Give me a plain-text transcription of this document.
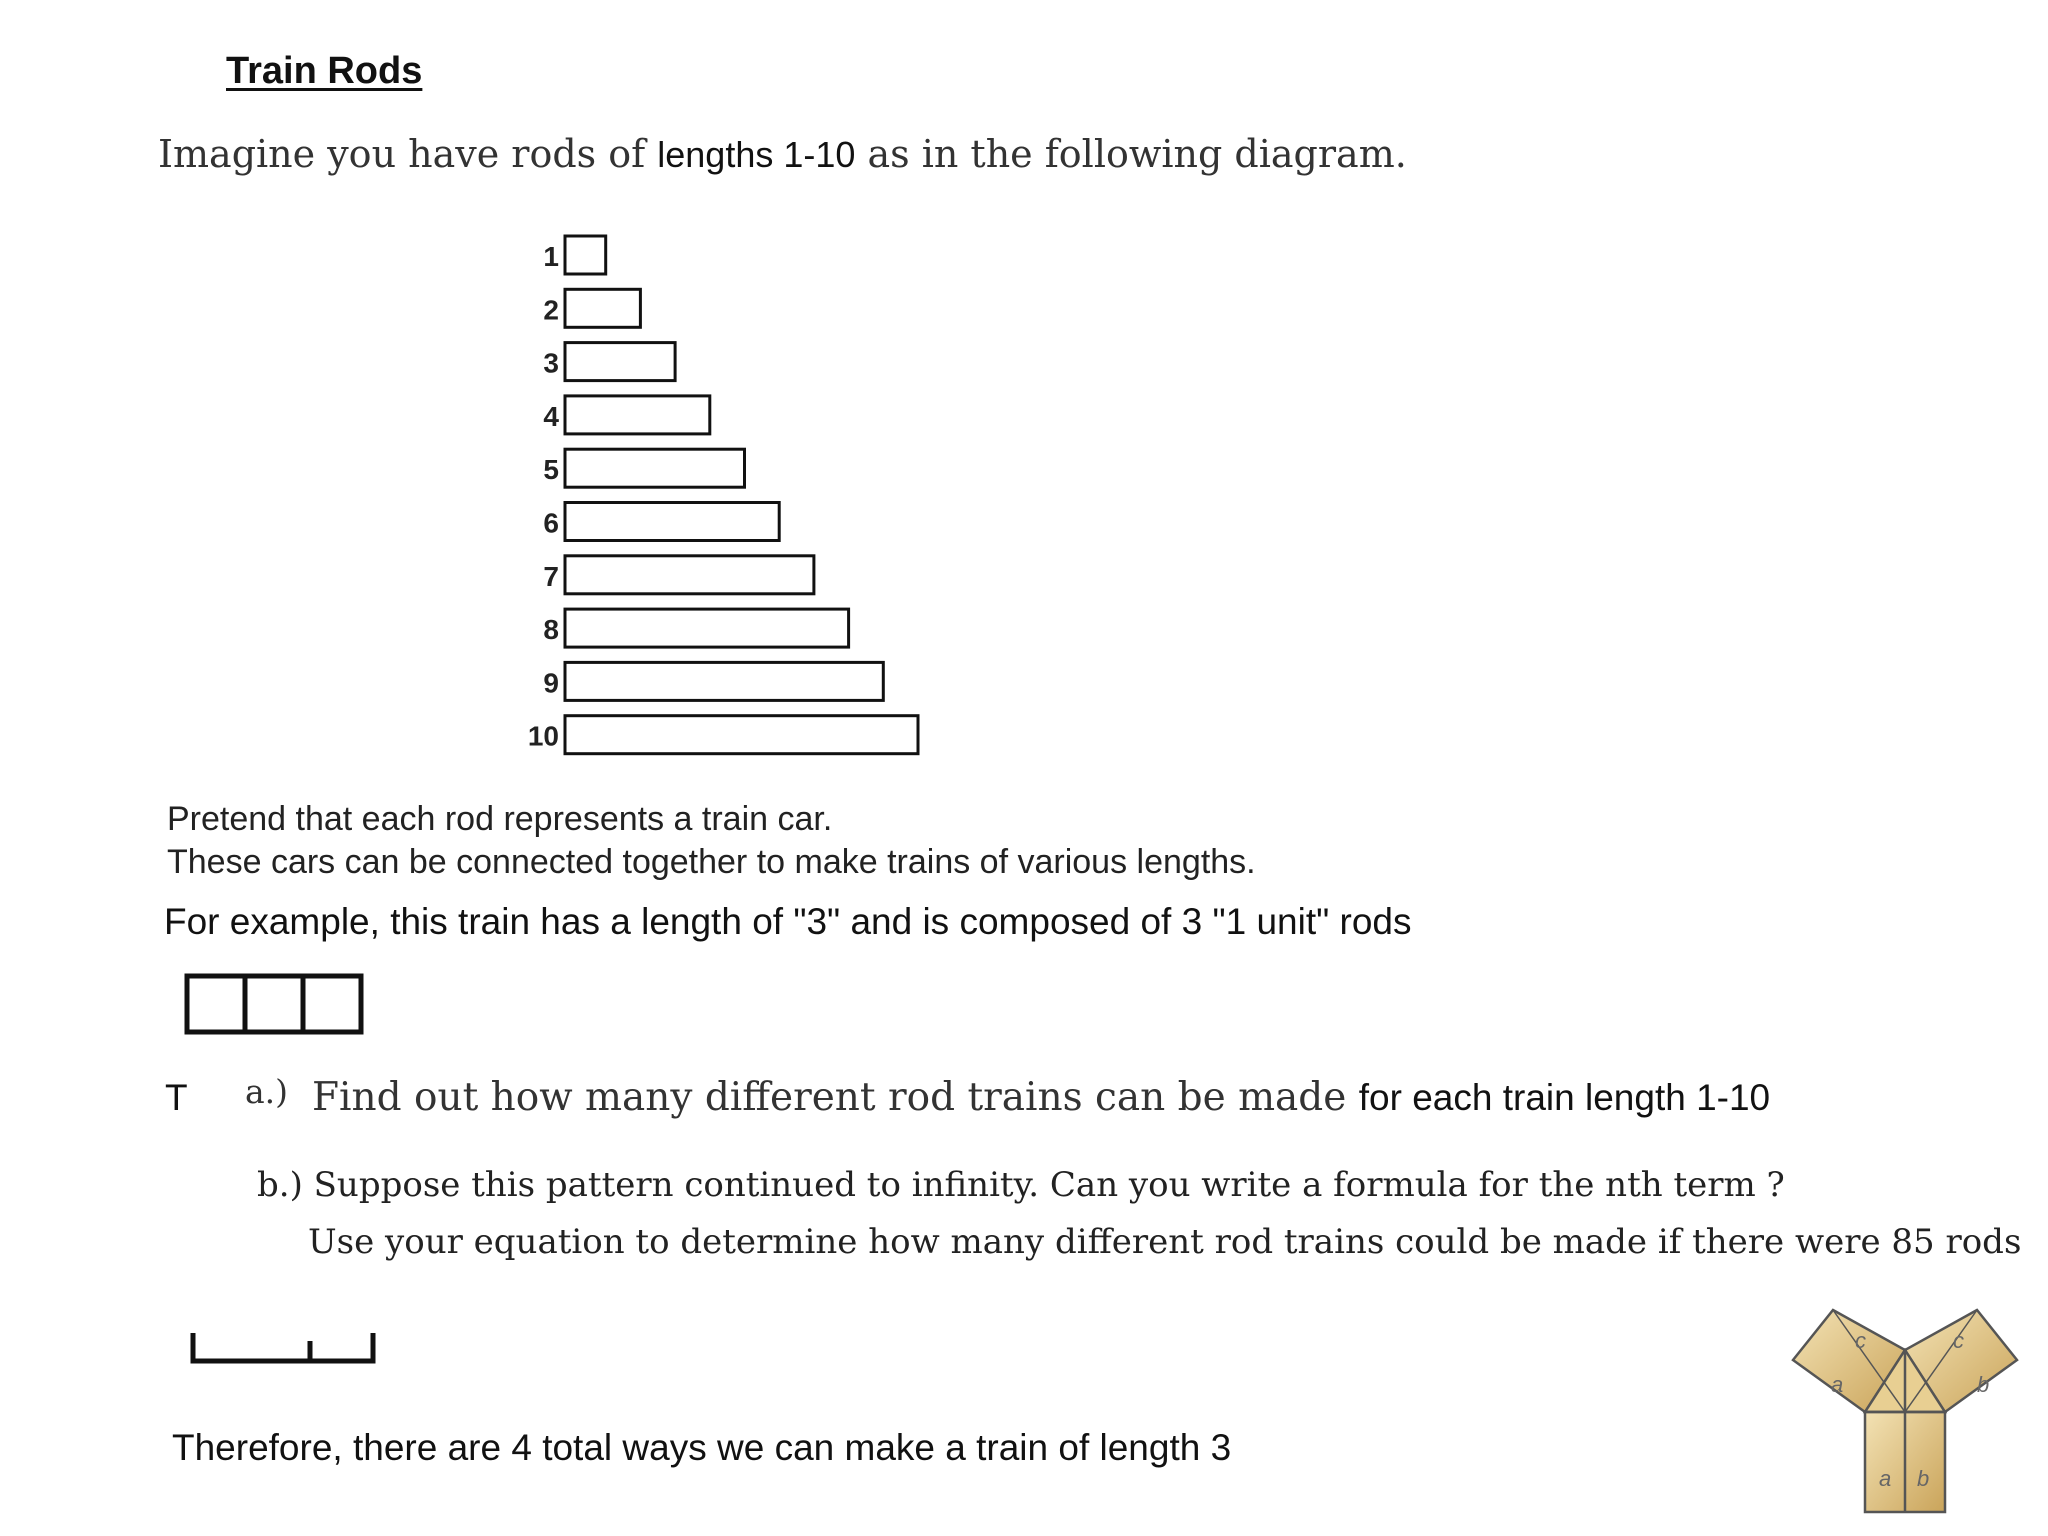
Train Rods
Imagine you have rods of lengths 1-10 as in the following diagram.
1
2
3
4
5
6
7
8
9
10
Pretend that each rod represents a train car.
These cars can be connected together to make trains of various lengths.
For example, this train has a length of "3" and is composed of 3 "1 unit" rods
T a.) Find out how many different rod trains can be made for each train length 1-10
b.) Suppose this pattern continued to infinity. Can you write a formula for the nth term ?
Use your equation to determine how many different rod trains could be made if there were 85 rods
Therefore, there are 4 total ways we can make a train of length 3
c	c
a	b
a b
